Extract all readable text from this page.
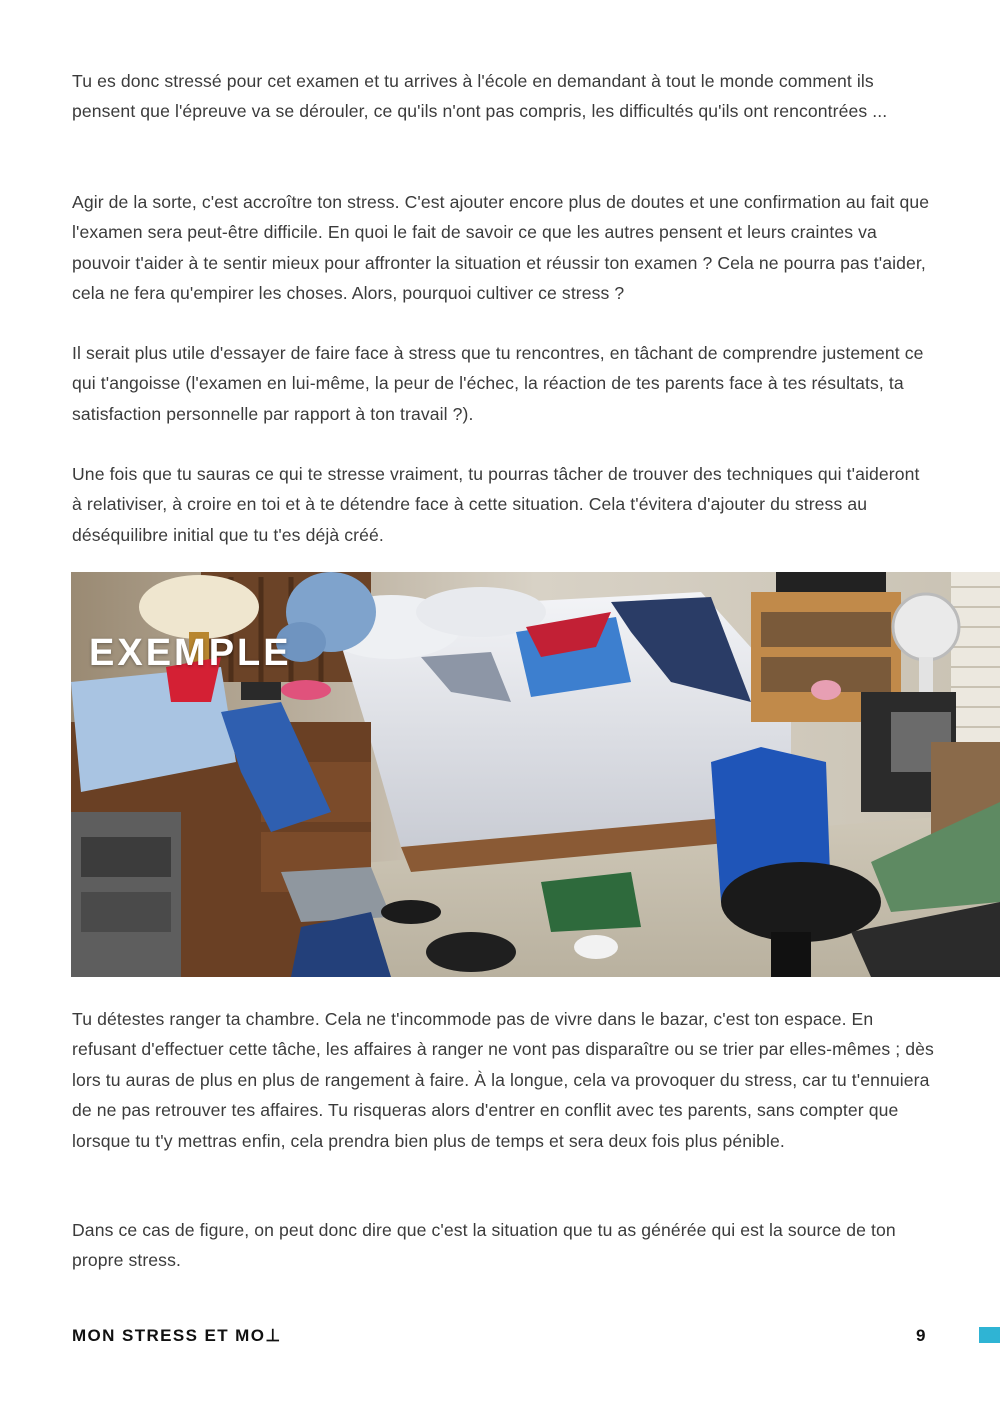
Tu es donc stressé pour cet examen et tu arrives à l'école en demandant à tout le monde comment ils pensent que l'épreuve va se dérouler, ce qu'ils n'ont pas compris, les difficultés qu'ils ont rencontrées ...

Agir de la sorte, c'est accroître ton stress. C'est ajouter encore plus de doutes et une confirmation au fait que l'examen sera peut-être difficile. En quoi le fait de savoir ce que les autres pensent et leurs craintes va pouvoir t'aider à te sentir mieux pour affronter la situation et réussir ton examen ? Cela ne pourra pas t'aider, cela ne fera qu'empirer les choses. Alors, pourquoi cultiver ce stress ?

Il serait plus utile d'essayer de faire face à stress que tu rencontres, en tâchant de comprendre justement ce qui t'angoisse (l'examen en lui-même, la peur de l'échec, la réaction de tes parents face à tes résultats, ta satisfaction personnelle par rapport à ton travail ?).

Une fois que tu sauras ce qui te stresse vraiment, tu pourras tâcher de trouver des techniques qui t'aideront à relativiser, à croire en toi et à te détendre face à cette situation. Cela t'évitera d'ajouter du stress au déséquilibre initial que tu t'es déjà créé.

EXEMPLE

Tu détestes ranger ta chambre. Cela ne t'incommode pas de vivre dans le bazar, c'est ton espace. En refusant d'effectuer cette tâche, les affaires à ranger ne vont pas disparaître ou se trier par elles-mêmes ; dès lors tu auras de plus en plus de rangement à faire. À la longue, cela va provoquer du stress, car tu t'ennuiera de ne pas retrouver tes affaires. Tu risqueras alors d'entrer en conflit avec tes parents, sans compter que lorsque tu t'y mettras enfin, cela prendra bien plus de temps et sera deux fois plus pénible.

Dans ce cas de figure, on peut donc dire que c'est la situation que tu as générée qui est la source de ton propre stress.

MON STRESS ET MO⊥	9
